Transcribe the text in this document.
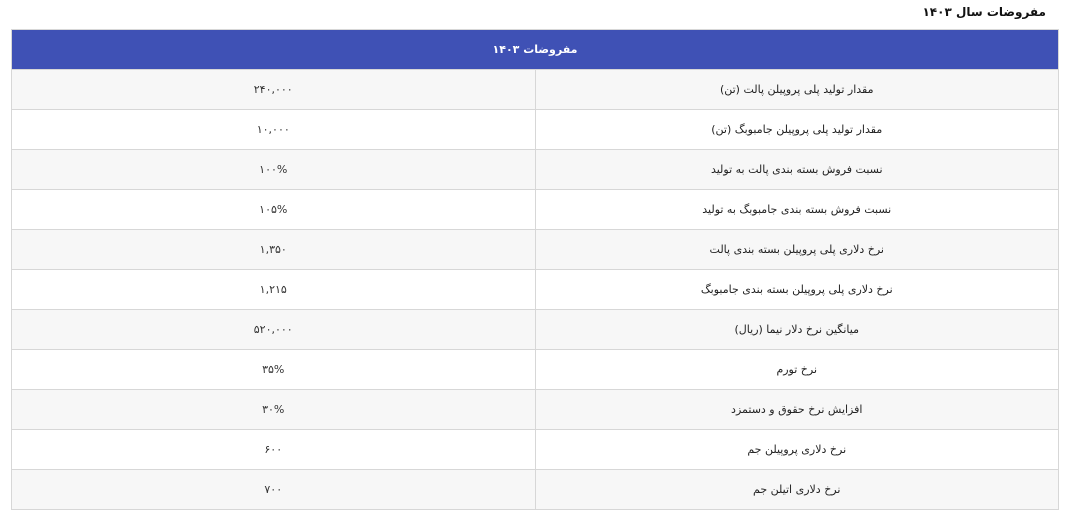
مفروضات سال ۱۴۰۳
مفروضات ۱۴۰۳	
۲۴۰,۰۰۰	مقدار تولید پلی پروپیلن پالت (تن)
۱۰,۰۰۰	مقدار تولید پلی پروپیلن جامبوبگ (تن)
۱۰۰%	نسبت فروش بسته بندی پالت به تولید
۱۰۵%	نسبت فروش بسته بندی جامبوبگ به تولید
۱,۳۵۰	نرخ دلاری پلی پروپیلن بسته بندی پالت
۱,۲۱۵	نرخ دلاری پلی پروپیلن بسته بندی جامبوبگ
۵۲۰,۰۰۰	میانگین نرخ دلار نیما (ریال)
۳۵%	نرخ تورم
۳۰%	افزایش نرخ حقوق و دستمزد
۶۰۰	نرخ دلاری پروپیلن جم
۷۰۰	نرخ دلاری اتیلن جم
